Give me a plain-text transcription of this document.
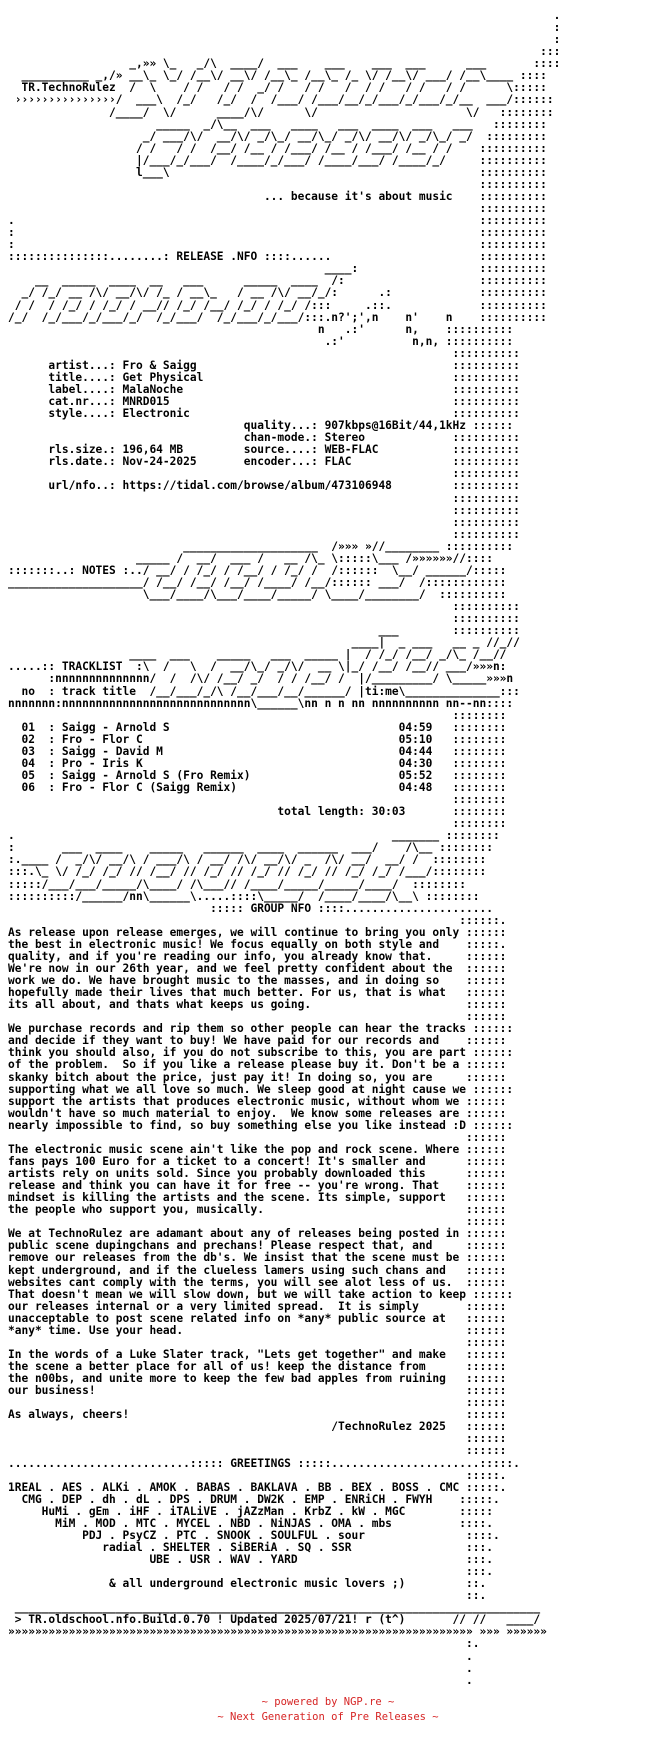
.
:
:
:::
_,»» \_   _/\  ____/  ___    ___    ___  ___      ___       ::::
__________ _,/» __\_ \_/ /__\/ __\/ /__\_ /__\_ /_ \/ /__\/ ___/ /__\____ ::::
TR.TechnoRulez  /  \    / /   / /  _/ /   / /   /  / /   / /   / /      \:::::
›››››››››››››››/  ___\  /_/   /_/  /  /___/ /___/__/_/___/_/___/_/__  ___/::::::
/____/  \/      ____/\/      \/                      \/   ::::::::
_____  _/\__  ___   ____   ___  ____  ___   ___   ::::::::
_/ ___/\/  __/\/ _/\_/ __/\_/ _/\/ __/\/ _/\_/ _/  :::::::::
/ /   / /  /__/ /__ / /___/ /__ / /___/ /__ / /    ::::::::::
|/___/_/___/  /____/_/___/ /____/___/ /____/_/     ::::::::::
l___\                                              ::::::::::
::::::::::
... because it's about music    ::::::::::
::::::::::
.                                                                     ::::::::::
:                                                                     ::::::::::
:                                                                     ::::::::::
:::::::::::::::........: RELEASE .NFO ::::......                      ::::::::::
____:                  ::::::::::
__  _____  ____  __   ___      _____  ____  /:                    ::::::::::
_/ /_/ __ /\/ __/\/ /_ / __\_   / __ /\/ __/_/:      .:             ::::::::::
/ /  / /_/ / /_/ / __// /_/ /__/ /_/ / /_/ /:::     .::.             ::::::::::
/_/  /_/___/_/___/_/  /_/___/  /_/___/_/___/:::.n?';',n    n'    n    ::::::::::
n   .:'      n,    ::::::::::
.:'          n,n, ::::::::::
::::::::::
artist...: Fro & Saigg                                      ::::::::::
title....: Get Physical                                     ::::::::::
label....: MalaNoche                                        ::::::::::
cat.nr...: MNRD015                                          ::::::::::
style....: Electronic                                       ::::::::::
quality...: 907kbps@16Bit/44,1kHz ::::::
chan-mode.: Stereo             ::::::::::
rls.size.: 196,64 MB         source....: WEB-FLAC           ::::::::::
rls.date.: Nov-24-2025       encoder...: FLAC               ::::::::::
::::::::::
url/nfo..: https://tidal.com/browse/album/473106948         ::::::::::
::::::::::
::::::::::
::::::::::
::::::::::
____________________  /»»» »//________ ::::::::::
_____ /  __/  ___ /   __ /\_ \:::::\___ /»»»»»»//::::
:::::::..: NOTES :../ __/ / /_/ / /__/ / /_/ /  /::::::  \__/ ______/:::::
____________________/ /__/ /__/ /__/ /____/ /__/:::::: ___/  /::::::::::::
\___/____/\___/____/_____/ \____/________/  ::::::::::
::::::::::
::::::::::
___        ::::::::::
____|  _ ___   __ _ //_//
____  ___    _____   ___  _____ |  / /_/ /__/ _/\_ /__//
.....:: TRACKLIST  :\  /   \  /  __/\_/ _/\/  __ \|_/ /__/ /__// ___/»»»n:
:nnnnnnnnnnnnnn/  /  /\/ /__/ _/  / / /__/ /  |/_________/ \_____»»»n
no  : track title  /__/___/_/\ /__/___/__/______/ |ti:me\______________:::
nnnnnnn:nnnnnnnnnnnnnnnnnnnnnnnnnnnn\______\nn n n nn nnnnnnnnnn nn--nn::::
::::::::
01  : Saigg - Arnold S                                  04:59   ::::::::
02  : Fro - Flor C                                      05:10   ::::::::
03  : Saigg - David M                                   04:44   ::::::::
04  : Pro - Iris K                                      04:30   ::::::::
05  : Saigg - Arnold S (Fro Remix)                      05:52   ::::::::
06  : Fro - Flor C (Saigg Remix)                        04:48   ::::::::
::::::::
total length: 30:03       ::::::::
::::::::
.                                                        _______ ::::::::
:       ___  ____    _____   ______  ____  ______  ___/    /\__ ::::::::
:.____ /  _/\/ __/\ / ___/\ / __/ /\/ __/\/ _  /\/ __/  __/ /  ::::::::
:::.\_ \/ /_/ /_/ // /__/ // /_/ // /_/ // /_/ // /_/ /_/ /___/::::::::
:::::/___/___/_____/\____/ /\___// /____/_____/_____/____/  ::::::::
::::::::::/______/nn\______\.....::::\_____/  /____/____/\__\ ::::::::
::::: GROUP NFO ::::......................
::::::.
As release upon release emerges, we will continue to bring you only ::::::
the best in electronic music! We focus equally on both style and    :::::.
quality, and if you're reading our info, you already know that.     ::::::
We're now in our 26th year, and we feel pretty confident about the  ::::::
work we do. We have brought music to the masses, and in doing so    ::::::
hopefully made their lives that much better. For us, that is what   ::::::
its all about, and thats what keeps us going.                       ::::::
::::::
We purchase records and rip them so other people can hear the tracks ::::::
and decide if they want to buy! We have paid for our records and    ::::::
think you should also, if you do not subscribe to this, you are part ::::::
of the problem.  So if you like a release please buy it. Don't be a ::::::
skanky bitch about the price, just pay it! In doing so, you are     ::::::
supporting what we all love so much. We sleep good at night cause we ::::::
support the artists that produces electronic music, without whom we ::::::
wouldn't have so much material to enjoy.  We know some releases are ::::::
nearly impossible to find, so buy something else you like instead :D ::::::
::::::
The electronic music scene ain't like the pop and rock scene. Where ::::::
fans pays 100 Euro for a ticket to a concert! It's smaller and      ::::::
artists rely on units sold. Since you probably downloaded this      ::::::
release and think you can have it for free -- you're wrong. That    ::::::
mindset is killing the artists and the scene. Its simple, support   ::::::
the people who support you, musically.                              ::::::
::::::
We at TechnoRulez are adamant about any of releases being posted in ::::::
public scene dupingchans and prechans! Please respect that, and     ::::::
remove our releases from the db's. We insist that the scene must be ::::::
kept underground, and if the clueless lamers using such chans and   ::::::
websites cant comply with the terms, you will see alot less of us.  ::::::
That doesn't mean we will slow down, but we will take action to keep ::::::
our releases internal or a very limited spread.  It is simply       ::::::
unacceptable to post scene related info on *any* public source at   ::::::
*any* time. Use your head.                                          ::::::
::::::
In the words of a Luke Slater track, "Lets get together" and make   ::::::
the scene a better place for all of us! keep the distance from      ::::::
the n00bs, and unite more to keep the few bad apples from ruining   ::::::
our business!                                                       ::::::
::::::
As always, cheers!                                                  ::::::
/TechnoRulez 2025   ::::::
::::::
::::::
...........................::::: GREETINGS :::::......................:::::.
:::::.
1REAL . AES . ALKi . AMOK . BABAS . BAKLAVA . BB . BEX . BOSS . CMC :::::.
CMG . DEP . dh . dL . DPS . DRUM . DW2K . EMP . ENRiCH . FWYH    :::::.
HuMi . gEm . iHF . iTALiVE . jAZzMan . KrbZ . kW . MGC        :::::
MiM . MOD . MTC . MYCEL . NBD . NiNJAS . OMA . mbs          ::::.
PDJ . PsyCZ . PTC . SNOOK . SOULFUL . sour               ::::.
radial . SHELTER . SiBERiA . SQ . SSR                 :::.
UBE . USR . WAV . YARD                         :::.
:::.
& all underground electronic music lovers ;)         ::.
::.
______________________________________________________________________________
> TR.oldschool.nfo.Build.0.70 ! Updated 2025/07/21! r (t^)       // //   ____/
»»»»»»»»»»»»»»»»»»»»»»»»»»»»»»»»»»»»»»»»»»»»»»»»»»»»»»»»»»»»»»»»»»»»» »»» »»»»»»
:.
.
.
.
~ powered by NGP.re ~
~ Next Generation of Pre Releases ~
